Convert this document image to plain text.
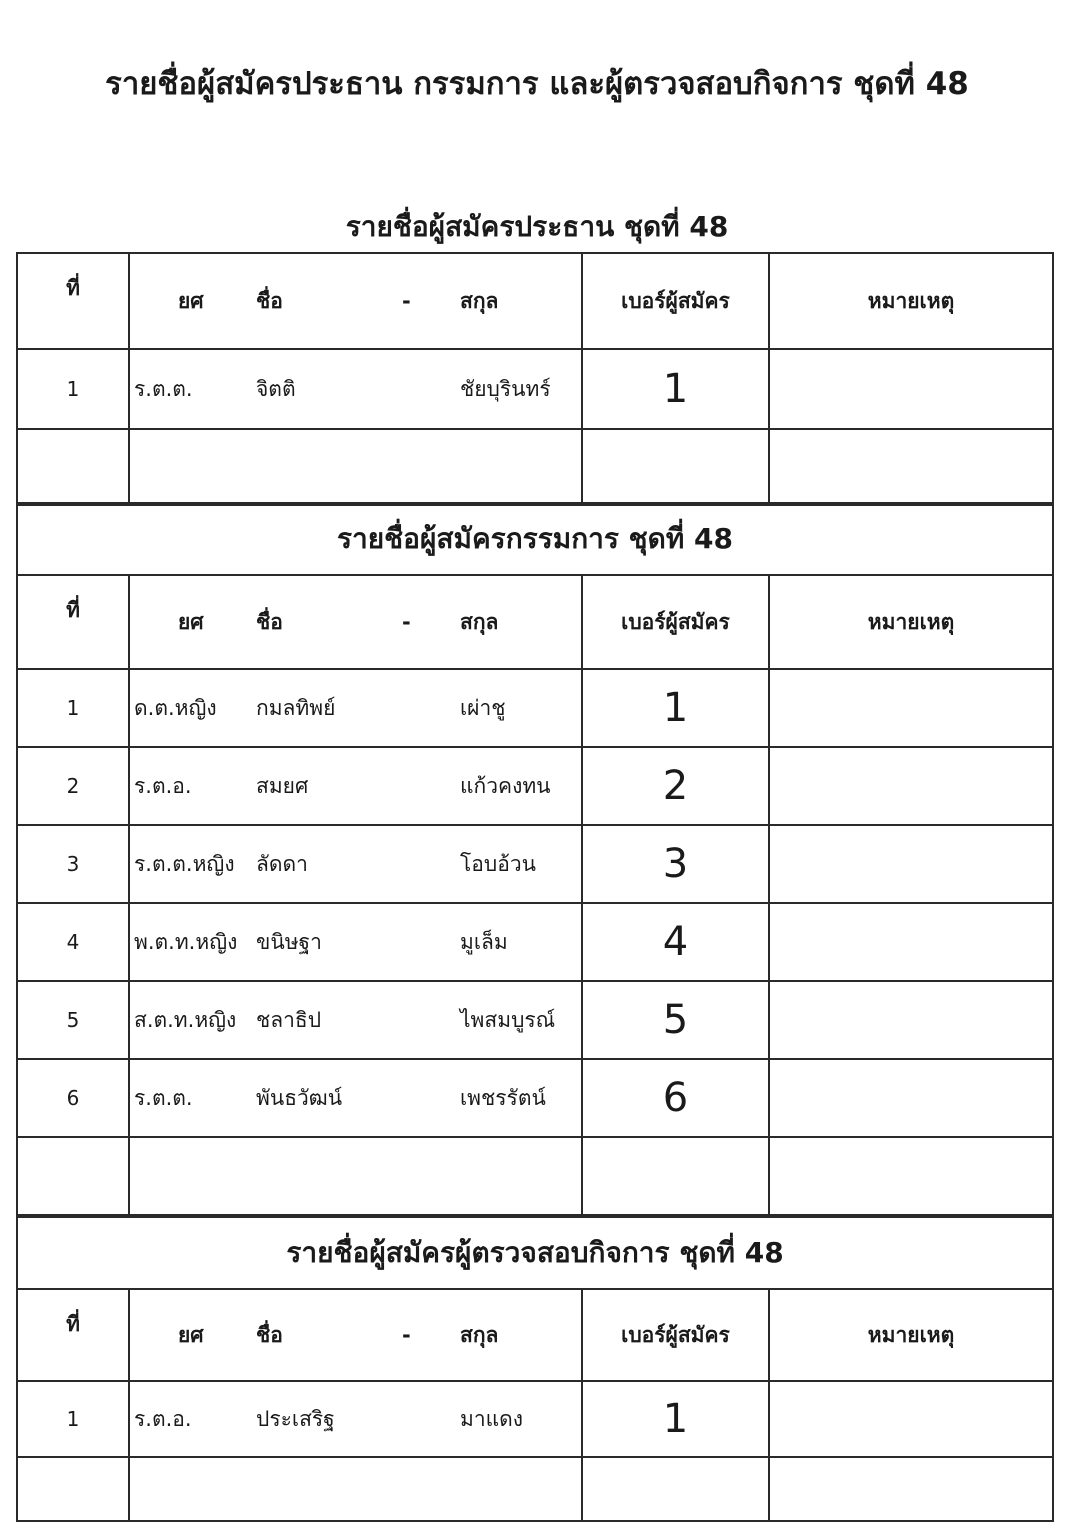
รายชื่อผู้สมัครประธาน กรรมการ และผู้ตรวจสอบกิจการ ชุดที่ 48
รายชื่อผู้สมัครประธาน ชุดที่ 48
ที่	ยศ ชื่อ - สกุล	เบอร์ผู้สมัคร	หมายเหตุ
1	ร.ต.ต. จิตติ ชัยบุรินทร์	1	

รายชื่อผู้สมัครกรรมการ ชุดที่ 48			
ที่	ยศ ชื่อ - สกุล	เบอร์ผู้สมัคร	หมายเหตุ
1	ด.ต.หญิง กมลทิพย์ เผ่าชู	1	
2	ร.ต.อ. สมยศ แก้วคงทน	2	
3	ร.ต.ต.หญิง ลัดดา โอบอ้วน	3	
4	พ.ต.ท.หญิง ขนิษฐา มูเล็ม	4	
5	ส.ต.ท.หญิง ชลาธิป ไพสมบูรณ์	5	
6	ร.ต.ต. พันธวัฒน์ เพชรรัตน์	6	

รายชื่อผู้สมัครผู้ตรวจสอบกิจการ ชุดที่ 48			
ที่	ยศ ชื่อ - สกุล	เบอร์ผู้สมัคร	หมายเหตุ
1	ร.ต.อ. ประเสริฐ มาแดง	1	
